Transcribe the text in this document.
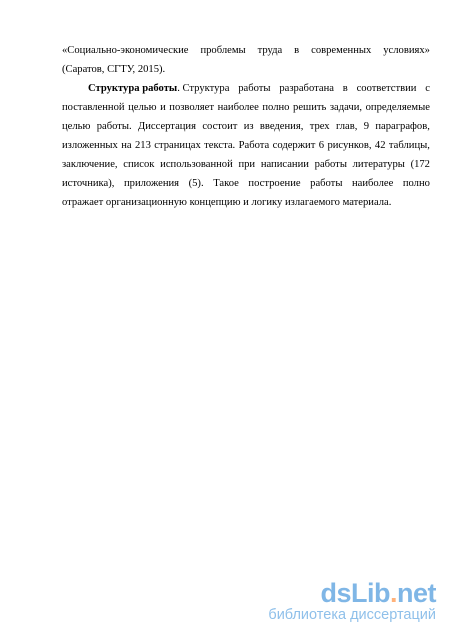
«Социально-экономические проблемы труда в современных условиях»
(Саратов, СГТУ, 2015).
Структура работы. Структура работы разработана в соответствии с
поставленной целью и позволяет наиболее полно решить задачи, определяемые
целью работы. Диссертация состоит из введения, трех глав, 9 параграфов,
изложенных на 213 страницах текста. Работа содержит 6 рисунков, 42 таблицы,
заключение, список использованной при написании работы литературы (172
источника), приложения (5). Такое построение работы наиболее полно
отражает организационную концепцию и логику излагаемого материала.
dsLib.net
библиотека диссертаций
